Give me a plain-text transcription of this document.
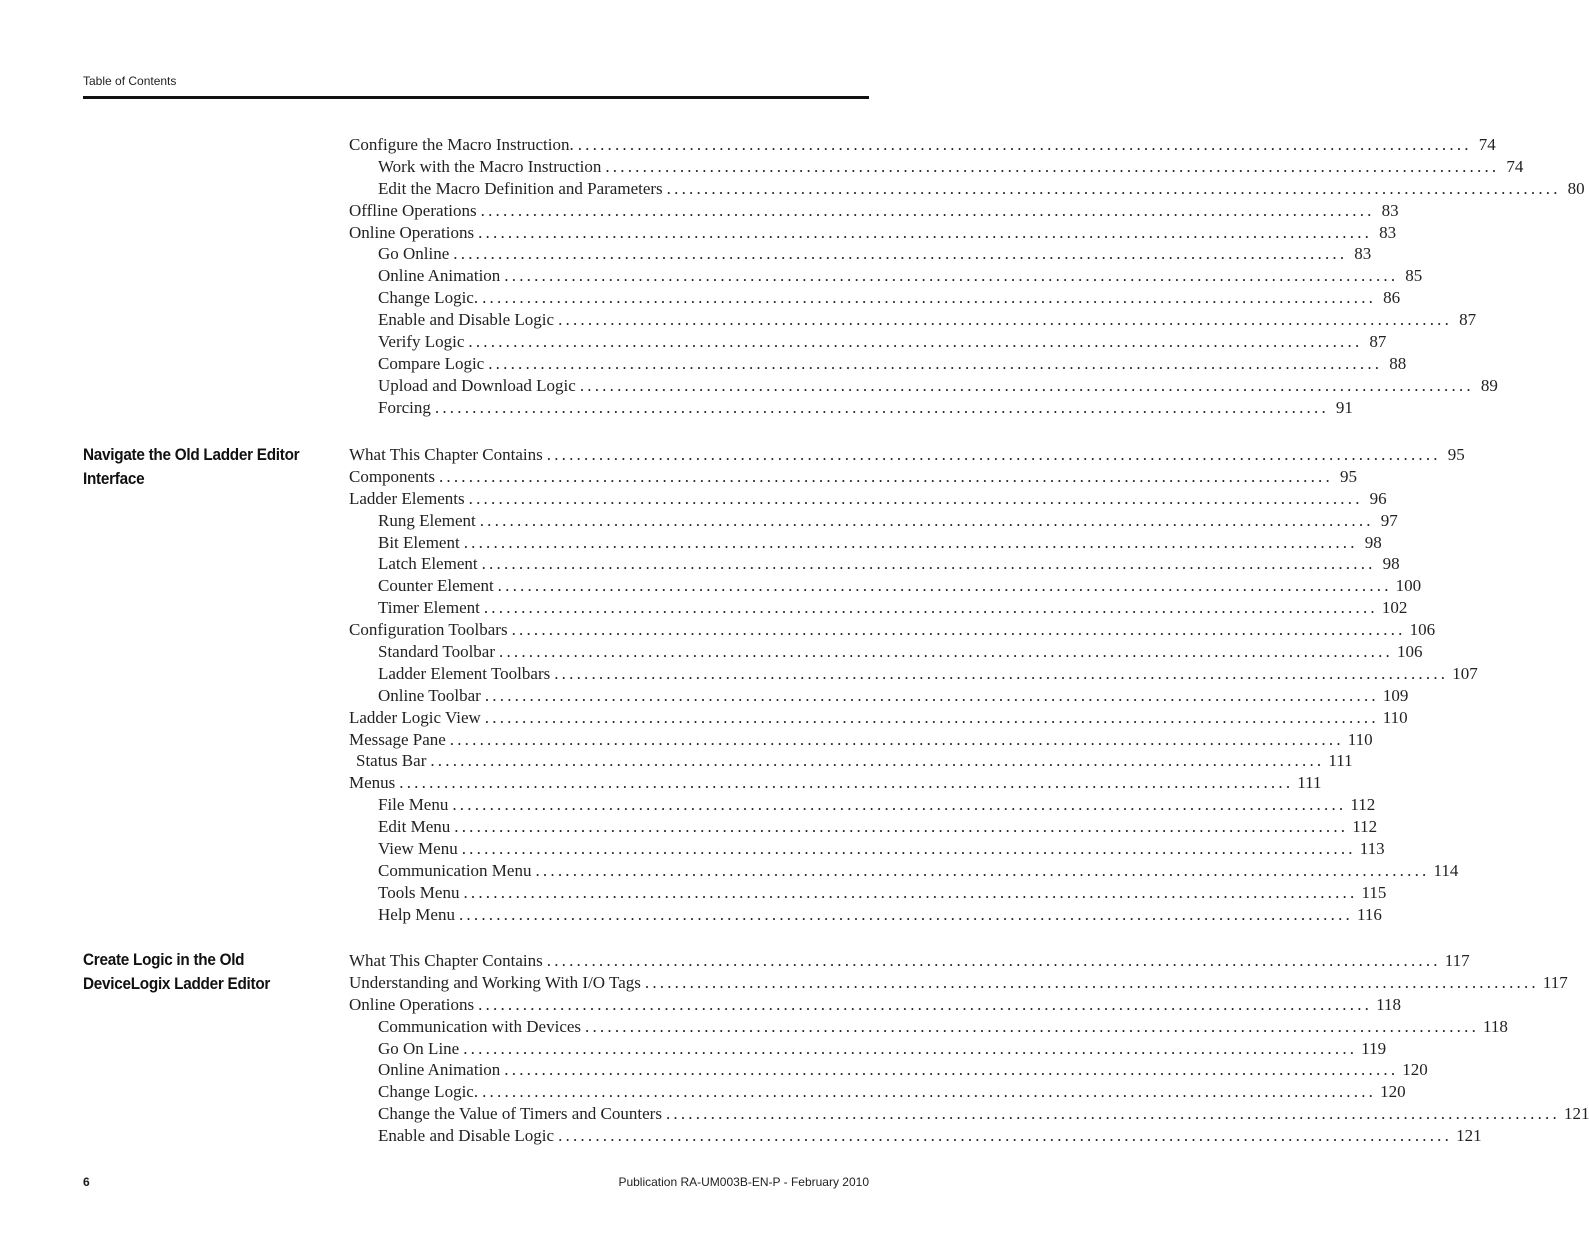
Table of Contents
Navigate the Old Ladder Editor Interface
Create Logic in the Old DeviceLogix Ladder Editor
Configure the Macro Instruction. ........................................................................................................................ 74
Work with the Macro Instruction ........................................................................................................................ 74
Edit the Macro Definition and Parameters ........................................................................................................................ 80
Offline Operations ........................................................................................................................ 83
Online Operations ........................................................................................................................ 83
Go Online ........................................................................................................................ 83
Online Animation ........................................................................................................................ 85
Change Logic. ........................................................................................................................ 86
Enable and Disable Logic ........................................................................................................................ 87
Verify Logic ........................................................................................................................ 87
Compare Logic ........................................................................................................................ 88
Upload and Download Logic ........................................................................................................................ 89
Forcing ........................................................................................................................ 91
What This Chapter Contains ........................................................................................................................ 95
Components ........................................................................................................................ 95
Ladder Elements ........................................................................................................................ 96
Rung Element ........................................................................................................................ 97
Bit Element ........................................................................................................................ 98
Latch Element ........................................................................................................................ 98
Counter Element ........................................................................................................................ 100
Timer Element ........................................................................................................................ 102
Configuration Toolbars ........................................................................................................................ 106
Standard Toolbar ........................................................................................................................ 106
Ladder Element Toolbars ........................................................................................................................ 107
Online Toolbar ........................................................................................................................ 109
Ladder Logic View ........................................................................................................................ 110
Message Pane ........................................................................................................................ 110
Status Bar ........................................................................................................................ 111
Menus ........................................................................................................................ 111
File Menu ........................................................................................................................ 112
Edit Menu ........................................................................................................................ 112
View Menu ........................................................................................................................ 113
Communication Menu ........................................................................................................................ 114
Tools Menu ........................................................................................................................ 115
Help Menu ........................................................................................................................ 116
What This Chapter Contains ........................................................................................................................ 117
Understanding and Working With I/O Tags ........................................................................................................................ 117
Online Operations ........................................................................................................................ 118
Communication with Devices ........................................................................................................................ 118
Go On Line ........................................................................................................................ 119
Online Animation ........................................................................................................................ 120
Change Logic. ........................................................................................................................ 120
Change the Value of Timers and Counters ........................................................................................................................ 121
Enable and Disable Logic ........................................................................................................................ 121
6	Publication RA-UM003B-EN-P - February 2010
